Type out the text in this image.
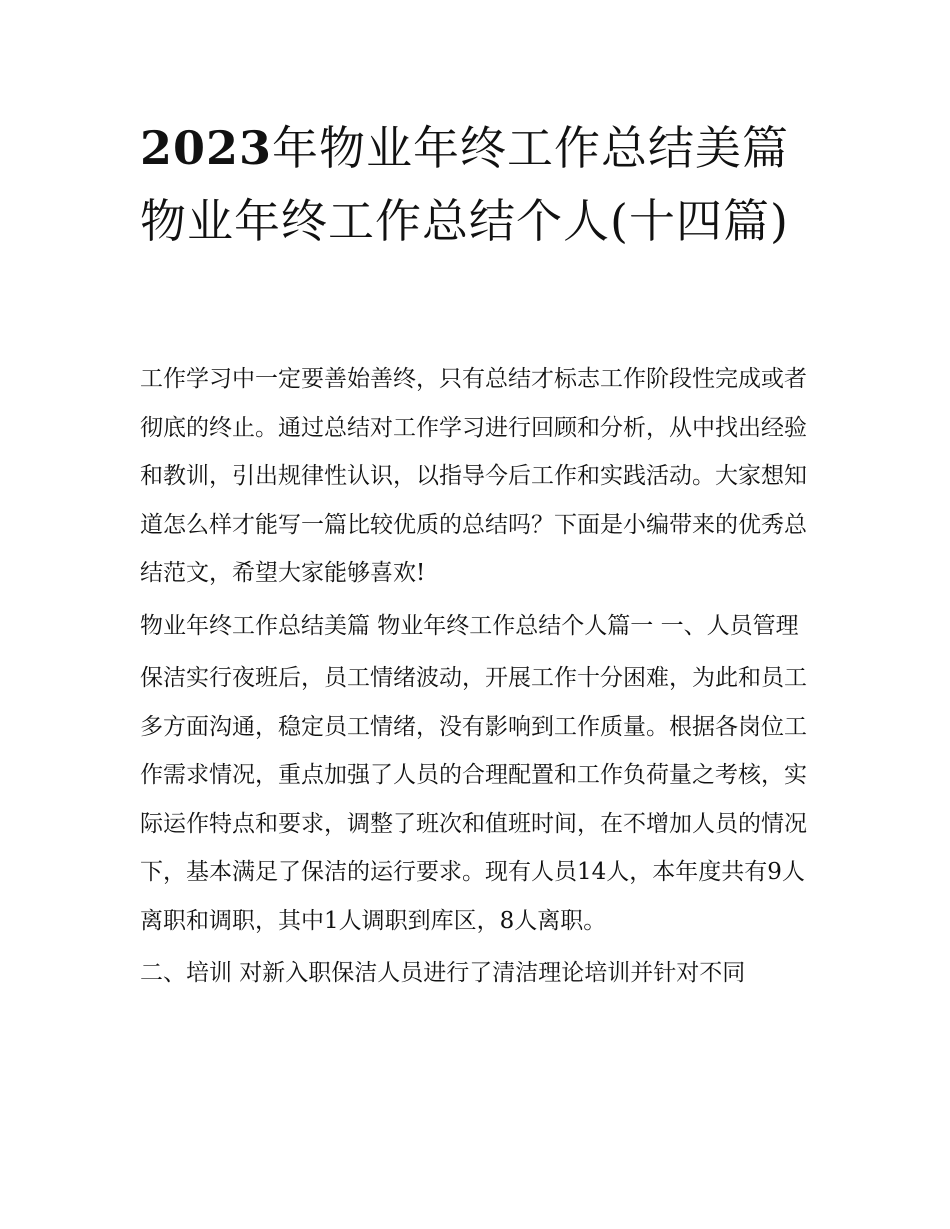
2023年物业年终工作总结美篇 物业年终工作总结个人(十四篇)

工作学习中一定要善始善终，只有总结才标志工作阶段性完成或者彻底的终止。通过总结对工作学习进行回顾和分析，从中找出经验和教训，引出规律性认识，以指导今后工作和实践活动。大家想知道怎么样才能写一篇比较优质的总结吗？下面是小编带来的优秀总结范文，希望大家能够喜欢!

物业年终工作总结美篇 物业年终工作总结个人篇一 一、人员管理

保洁实行夜班后，员工情绪波动，开展工作十分困难，为此和员工多方面沟通，稳定员工情绪，没有影响到工作质量。根据各岗位工作需求情况，重点加强了人员的合理配置和工作负荷量之考核，实际运作特点和要求，调整了班次和值班时间，在不增加人员的情况下，基本满足了保洁的运行要求。现有人员14人，本年度共有9人离职和调职，其中1人调职到库区，8人离职。

二、培训 对新入职保洁人员进行了清洁理论培训并针对不同
